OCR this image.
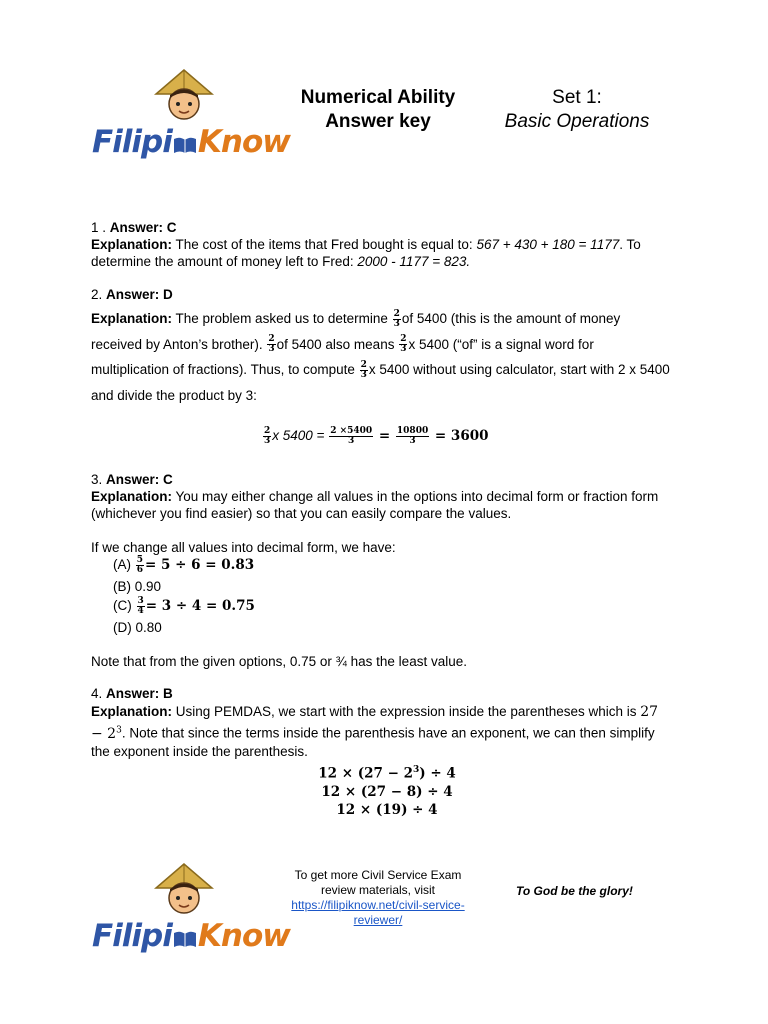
Filipi Know
Numerical Ability
Answer key
Set 1:
Basic Operations
1 . Answer: C
Explanation: The cost of the items that Fred bought is equal to: 567 + 430 + 180 = 1177. To determine the amount of money left to Fred: 2000 - 1177 = 823.
2. Answer: D
Explanation: The problem asked us to determine $\frac{2}{3}$ of 5400 (this is the amount of money received by Anton’s brother). $\frac{2}{3}$ of 5400 also means $\frac{2}{3}$ x 5400 (“of” is a signal word for multiplication of fractions). Thus, to compute $\frac{2}{3}$ x 5400 without using calculator, start with 2 x 5400 and divide the product by 3:
$\frac{2}{3}$ x $5400 = \frac{2 \times 5400}{3} = \frac{10800}{3} = 3600$
3. Answer: C
Explanation: You may either change all values in the options into decimal form or fraction form (whichever you find easier) so that you can easily compare the values.
If we change all values into decimal form, we have:
$(A) \frac{5}{6} = 5 \div 6 = 0.83$
(B) 0.90
$(C) \frac{3}{4} = 3 \div 4 = 0.75$
(D) 0.80
Note that from the given options, 0.75 or ¾ has the least value.
4. Answer: B
Explanation: Using PEMDAS, we start with the expression inside the parentheses which is $27 - 2^3$. Note that since the terms inside the parenthesis have an exponent, we can then simplify the exponent inside the parenthesis.
$12 \times (27 - 2^3) \div 4$
12 × (27 − 8) ÷ 4
12 × (19) ÷ 4
Filipi Know
To get more Civil Service Exam
review materials, visit
https://filipiknow.net/civil-service-
reviewer/
To God be the glory!
